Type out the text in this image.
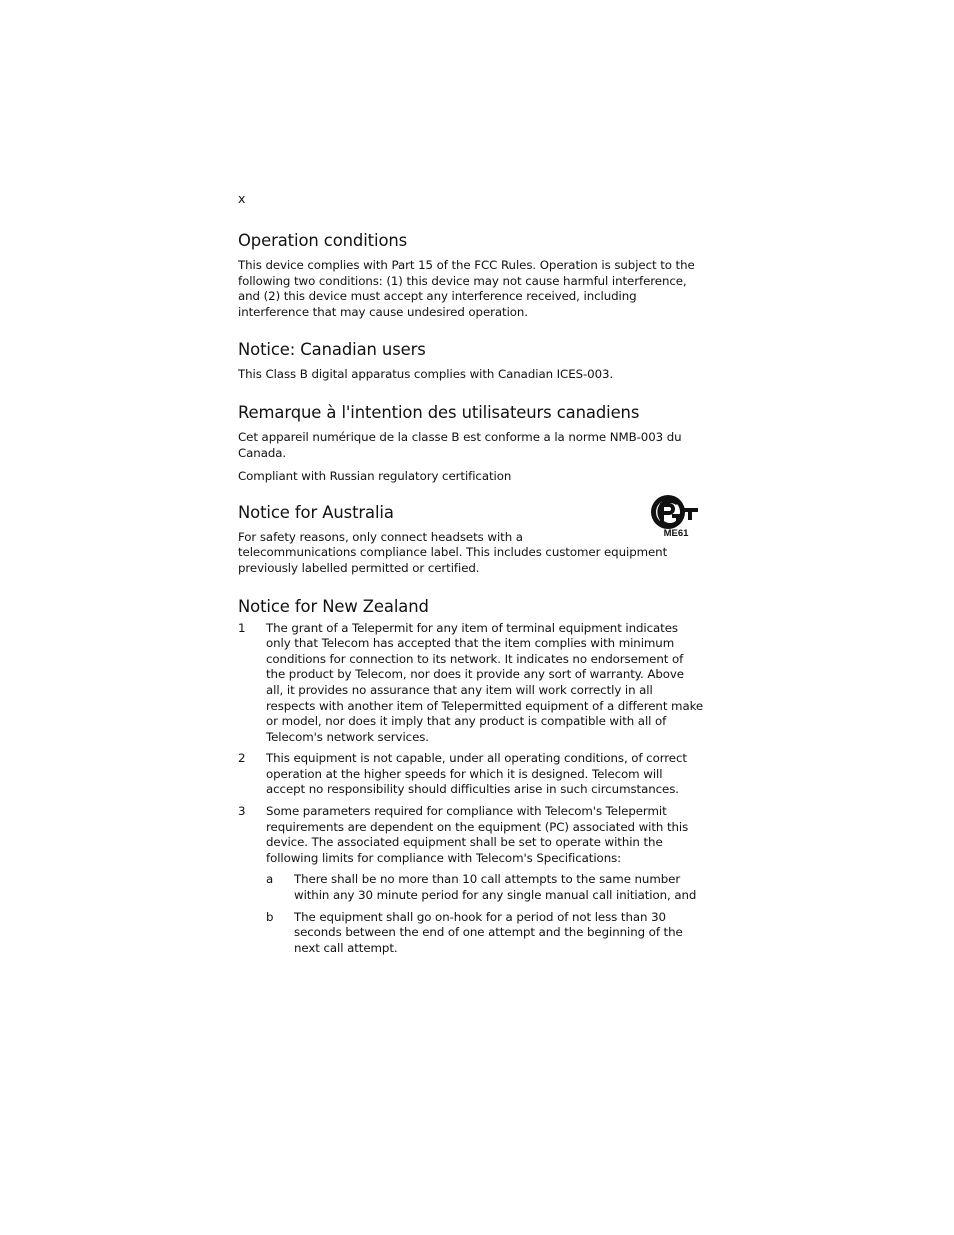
x
Operation conditions

This device complies with Part 15 of the FCC Rules. Operation is subject to the following two conditions: (1) this device may not cause harmful interference, and (2) this device must accept any interference received, including interference that may cause undesired operation.

Notice: Canadian users

This Class B digital apparatus complies with Canadian ICES-003.

Remarque à l'intention des utilisateurs canadiens

Cet appareil numérique de la classe B est conforme a la norme NMB-003 du Canada.

Compliant with Russian regulatory certification

Notice for Australia

For safety reasons, only connect headsets with a

telecommunications compliance label. This includes customer equipment previously labelled permitted or certified.

Notice for New Zealand
1	The grant of a Telepermit for any item of terminal equipment indicates only that Telecom has accepted that the item complies with minimum conditions for connection to its network. It indicates no endorsement of the product by Telecom, nor does it provide any sort of warranty. Above all, it provides no assurance that any item will work correctly in all respects with another item of Telepermitted equipment of a different make or model, nor does it imply that any product is compatible with all of Telecom's network services.
2	This equipment is not capable, under all operating conditions, of correct operation at the higher speeds for which it is designed. Telecom will accept no responsibility should difficulties arise in such circumstances.
3	Some parameters required for compliance with Telecom's Telepermit requirements are dependent on the equipment (PC) associated with this device. The associated equipment shall be set to operate within the following limits for compliance with Telecom's Specifications:
a	There shall be no more than 10 call attempts to the same number within any 30 minute period for any single manual call initiation, and
b	The equipment shall go on-hook for a period of not less than 30 seconds between the end of one attempt and the beginning of the next call attempt.
ME61
